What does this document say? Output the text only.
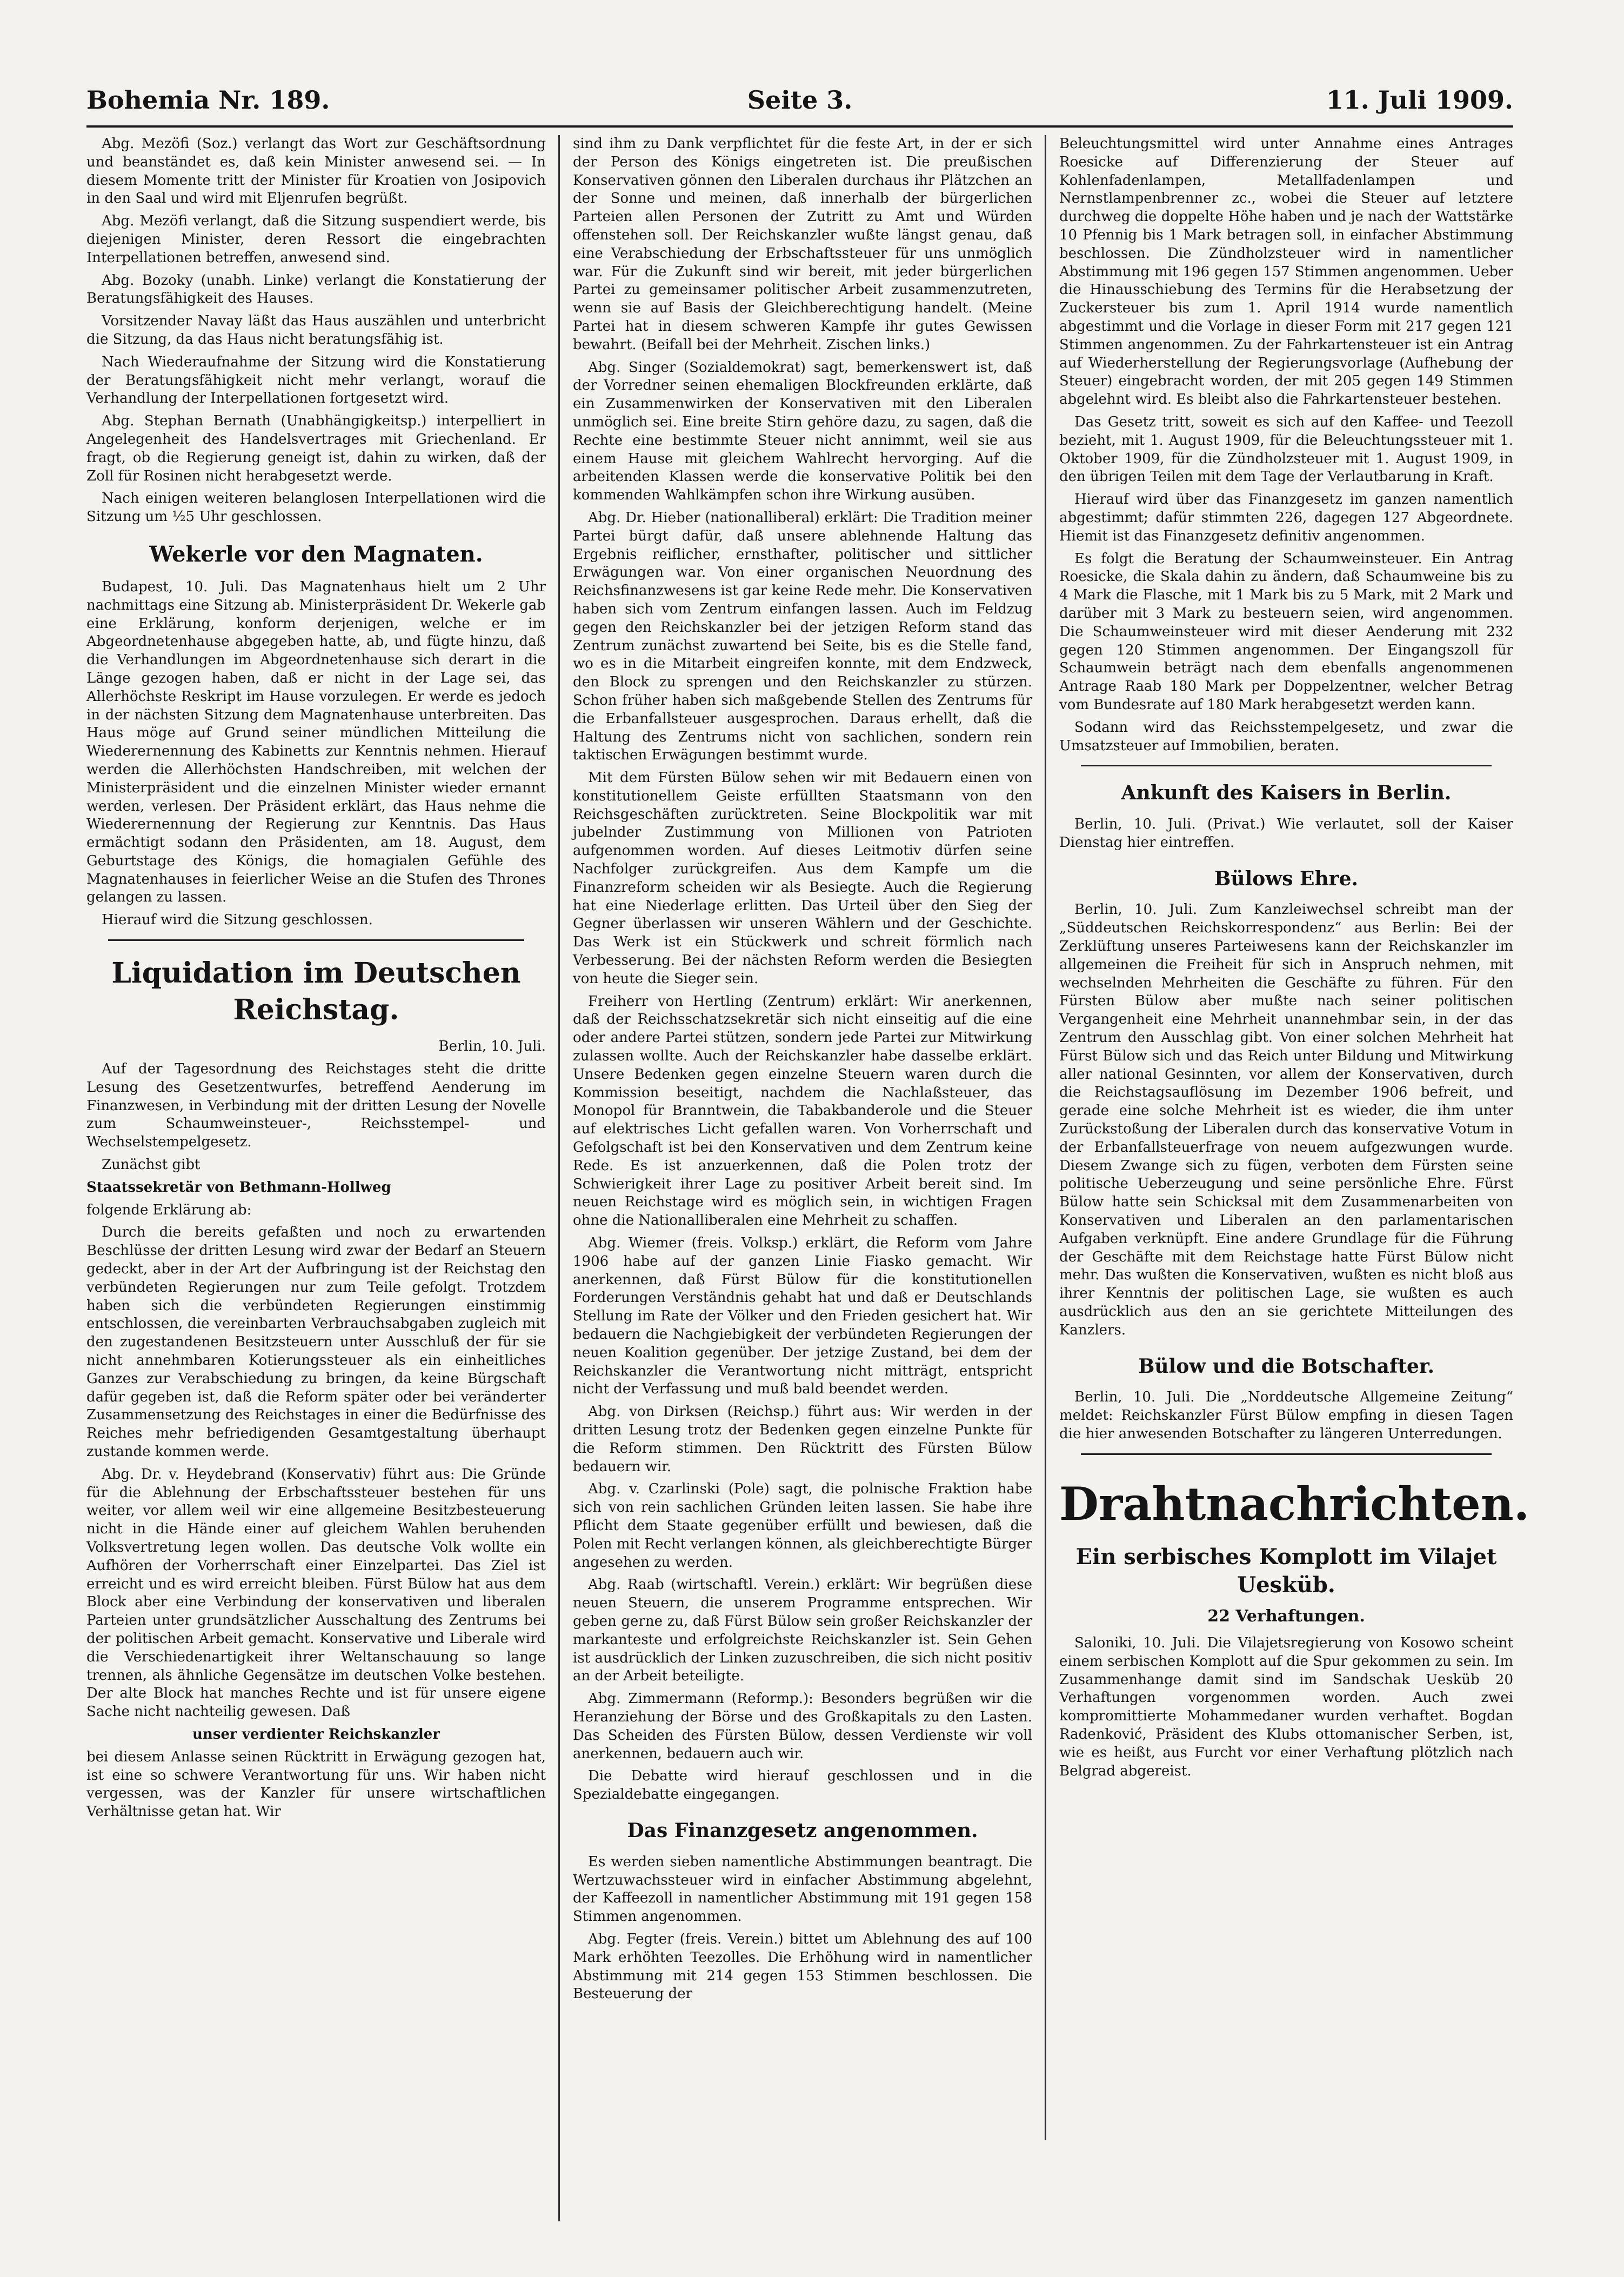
Bohemia Nr. 189.	Seite 3.	11. Juli 1909.

Abg. Mezöfi (Soz.) verlangt das Wort zur Geschäftsordnung und beanständet es, daß kein Minister anwesend sei. — In diesem Momente tritt der Minister für Kroatien von Josipovich in den Saal und wird mit Eljenrufen begrüßt.

Abg. Mezöfi verlangt, daß die Sitzung suspendiert werde, bis diejenigen Minister, deren Ressort die eingebrachten Interpellationen betreffen, anwesend sind.

Abg. Bozoky (unabh. Linke) verlangt die Konstatierung der Beratungsfähigkeit des Hauses.

Vorsitzender Navay läßt das Haus auszählen und unterbricht die Sitzung, da das Haus nicht beratungsfähig ist.

Nach Wiederaufnahme der Sitzung wird die Konstatierung der Beratungsfähigkeit nicht mehr verlangt, worauf die Verhandlung der Interpellationen fortgesetzt wird.

Abg. Stephan Bernath (Unabhängigkeitsp.) interpelliert in Angelegenheit des Handelsvertrages mit Griechenland. Er fragt, ob die Regierung geneigt ist, dahin zu wirken, daß der Zoll für Rosinen nicht herabgesetzt werde.

Nach einigen weiteren belanglosen Interpellationen wird die Sitzung um ½5 Uhr geschlossen.

Wekerle vor den Magnaten.

Budapest, 10. Juli. Das Magnatenhaus hielt um 2 Uhr nachmittags eine Sitzung ab. Ministerpräsident Dr. Wekerle gab eine Erklärung, konform derjenigen, welche er im Abgeordnetenhause abgegeben hatte, ab, und fügte hinzu, daß die Verhandlungen im Abgeordnetenhause sich derart in die Länge gezogen haben, daß er nicht in der Lage sei, das Allerhöchste Reskript im Hause vorzulegen. Er werde es jedoch in der nächsten Sitzung dem Magnatenhause unterbreiten. Das Haus möge auf Grund seiner mündlichen Mitteilung die Wiederernennung des Kabinetts zur Kenntnis nehmen. Hierauf werden die Allerhöchsten Handschreiben, mit welchen der Ministerpräsident und die einzelnen Minister wieder ernannt werden, verlesen. Der Präsident erklärt, das Haus nehme die Wiederernennung der Regierung zur Kenntnis. Das Haus ermächtigt sodann den Präsidenten, am 18. August, dem Geburtstage des Königs, die homagialen Gefühle des Magnatenhauses in feierlicher Weise an die Stufen des Thrones gelangen zu lassen.

Hierauf wird die Sitzung geschlossen.

Liquidation im Deutschen Reichstag.

Berlin, 10. Juli.

Auf der Tagesordnung des Reichstages steht die dritte Lesung des Gesetzentwurfes, betreffend Aenderung im Finanzwesen, in Verbindung mit der dritten Lesung der Novelle zum Schaumweinsteuer-, Reichsstempel- und Wechselstempelgesetz.

Zunächst gibt

Staatssekretär von Bethmann-Hollweg

folgende Erklärung ab:

Durch die bereits gefaßten und noch zu erwartenden Beschlüsse der dritten Lesung wird zwar der Bedarf an Steuern gedeckt, aber in der Art der Aufbringung ist der Reichstag den verbündeten Regierungen nur zum Teile gefolgt. Trotzdem haben sich die verbündeten Regierungen einstimmig entschlossen, die vereinbarten Verbrauchsabgaben zugleich mit den zugestandenen Besitzsteuern unter Ausschluß der für sie nicht annehmbaren Kotierungssteuer als ein einheitliches Ganzes zur Verabschiedung zu bringen, da keine Bürgschaft dafür gegeben ist, daß die Reform später oder bei veränderter Zusammensetzung des Reichstages in einer die Bedürfnisse des Reiches mehr befriedigenden Gesamtgestaltung überhaupt zustande kommen werde.

Abg. Dr. v. Heydebrand (Konservativ) führt aus: Die Gründe für die Ablehnung der Erbschaftssteuer bestehen für uns weiter, vor allem weil wir eine allgemeine Besitzbesteuerung nicht in die Hände einer auf gleichem Wahlen beruhenden Volksvertretung legen wollen. Das deutsche Volk wollte ein Aufhören der Vorherrschaft einer Einzelpartei. Das Ziel ist erreicht und es wird erreicht bleiben. Fürst Bülow hat aus dem Block aber eine Verbindung der konservativen und liberalen Parteien unter grundsätzlicher Ausschaltung des Zentrums bei der politischen Arbeit gemacht. Konservative und Liberale wird die Verschiedenartigkeit ihrer Weltanschauung so lange trennen, als ähnliche Gegensätze im deutschen Volke bestehen. Der alte Block hat manches Rechte und ist für unsere eigene Sache nicht nachteilig gewesen. Daß

unser verdienter Reichskanzler

bei diesem Anlasse seinen Rücktritt in Erwägung gezogen hat, ist eine so schwere Verantwortung für uns. Wir haben nicht vergessen, was der Kanzler für unsere wirtschaftlichen Verhältnisse getan hat. Wir

sind ihm zu Dank verpflichtet für die feste Art, in der er sich der Person des Königs eingetreten ist. Die preußischen Konservativen gönnen den Liberalen durchaus ihr Plätzchen an der Sonne und meinen, daß innerhalb der bürgerlichen Parteien allen Personen der Zutritt zu Amt und Würden offenstehen soll. Der Reichskanzler wußte längst genau, daß eine Verabschiedung der Erbschaftssteuer für uns unmöglich war. Für die Zukunft sind wir bereit, mit jeder bürgerlichen Partei zu gemeinsamer politischer Arbeit zusammenzutreten, wenn sie auf Basis der Gleichberechtigung handelt. (Meine Partei hat in diesem schweren Kampfe ihr gutes Gewissen bewahrt. (Beifall bei der Mehrheit. Zischen links.)

Abg. Singer (Sozialdemokrat) sagt, bemerkenswert ist, daß der Vorredner seinen ehemaligen Blockfreunden erklärte, daß ein Zusammenwirken der Konservativen mit den Liberalen unmöglich sei. Eine breite Stirn gehöre dazu, zu sagen, daß die Rechte eine bestimmte Steuer nicht annimmt, weil sie aus einem Hause mit gleichem Wahlrecht hervorging. Auf die arbeitenden Klassen werde die konservative Politik bei den kommenden Wahlkämpfen schon ihre Wirkung ausüben.

Abg. Dr. Hieber (nationalliberal) erklärt: Die Tradition meiner Partei bürgt dafür, daß unsere ablehnende Haltung das Ergebnis reiflicher, ernsthafter, politischer und sittlicher Erwägungen war. Von einer organischen Neuordnung des Reichsfinanzwesens ist gar keine Rede mehr. Die Konservativen haben sich vom Zentrum einfangen lassen. Auch im Feldzug gegen den Reichskanzler bei der jetzigen Reform stand das Zentrum zunächst zuwartend bei Seite, bis es die Stelle fand, wo es in die Mitarbeit eingreifen konnte, mit dem Endzweck, den Block zu sprengen und den Reichskanzler zu stürzen. Schon früher haben sich maßgebende Stellen des Zentrums für die Erbanfallsteuer ausgesprochen. Daraus erhellt, daß die Haltung des Zentrums nicht von sachlichen, sondern rein taktischen Erwägungen bestimmt wurde.

Mit dem Fürsten Bülow sehen wir mit Bedauern einen von konstitutionellem Geiste erfüllten Staatsmann von den Reichsgeschäften zurücktreten. Seine Blockpolitik war mit jubelnder Zustimmung von Millionen von Patrioten aufgenommen worden. Auf dieses Leitmotiv dürfen seine Nachfolger zurückgreifen. Aus dem Kampfe um die Finanzreform scheiden wir als Besiegte. Auch die Regierung hat eine Niederlage erlitten. Das Urteil über den Sieg der Gegner überlassen wir unseren Wählern und der Geschichte. Das Werk ist ein Stückwerk und schreit förmlich nach Verbesserung. Bei der nächsten Reform werden die Besiegten von heute die Sieger sein.

Freiherr von Hertling (Zentrum) erklärt: Wir anerkennen, daß der Reichsschatzsekretär sich nicht einseitig auf die eine oder andere Partei stützen, sondern jede Partei zur Mitwirkung zulassen wollte. Auch der Reichskanzler habe dasselbe erklärt. Unsere Bedenken gegen einzelne Steuern waren durch die Kommission beseitigt, nachdem die Nachlaßsteuer, das Monopol für Branntwein, die Tabakbanderole und die Steuer auf elektrisches Licht gefallen waren. Von Vorherrschaft und Gefolgschaft ist bei den Konservativen und dem Zentrum keine Rede. Es ist anzuerkennen, daß die Polen trotz der Schwierigkeit ihrer Lage zu positiver Arbeit bereit sind. Im neuen Reichstage wird es möglich sein, in wichtigen Fragen ohne die Nationalliberalen eine Mehrheit zu schaffen.

Abg. Wiemer (freis. Volksp.) erklärt, die Reform vom Jahre 1906 habe auf der ganzen Linie Fiasko gemacht. Wir anerkennen, daß Fürst Bülow für die konstitutionellen Forderungen Verständnis gehabt hat und daß er Deutschlands Stellung im Rate der Völker und den Frieden gesichert hat. Wir bedauern die Nachgiebigkeit der verbündeten Regierungen der neuen Koalition gegenüber. Der jetzige Zustand, bei dem der Reichskanzler die Verantwortung nicht mitträgt, entspricht nicht der Verfassung und muß bald beendet werden.

Abg. von Dirksen (Reichsp.) führt aus: Wir werden in der dritten Lesung trotz der Bedenken gegen einzelne Punkte für die Reform stimmen. Den Rücktritt des Fürsten Bülow bedauern wir.

Abg. v. Czarlinski (Pole) sagt, die polnische Fraktion habe sich von rein sachlichen Gründen leiten lassen. Sie habe ihre Pflicht dem Staate gegenüber erfüllt und bewiesen, daß die Polen mit Recht verlangen können, als gleichberechtigte Bürger angesehen zu werden.

Abg. Raab (wirtschaftl. Verein.) erklärt: Wir begrüßen diese neuen Steuern, die unserem Programme entsprechen. Wir geben gerne zu, daß Fürst Bülow sein großer Reichskanzler der markanteste und erfolgreichste Reichskanzler ist. Sein Gehen ist ausdrücklich der Linken zuzuschreiben, die sich nicht positiv an der Arbeit beteiligte.

Abg. Zimmermann (Reformp.): Besonders begrüßen wir die Heranziehung der Börse und des Großkapitals zu den Lasten. Das Scheiden des Fürsten Bülow, dessen Verdienste wir voll anerkennen, bedauern auch wir.

Die Debatte wird hierauf geschlossen und in die Spezialdebatte eingegangen.

Das Finanzgesetz angenommen.

Es werden sieben namentliche Abstimmungen beantragt. Die Wertzuwachssteuer wird in einfacher Abstimmung abgelehnt, der Kaffeezoll in namentlicher Abstimmung mit 191 gegen 158 Stimmen angenommen.

Abg. Fegter (freis. Verein.) bittet um Ablehnung des auf 100 Mark erhöhten Teezolles. Die Erhöhung wird in namentlicher Abstimmung mit 214 gegen 153 Stimmen beschlossen. Die Besteuerung der

Beleuchtungsmittel wird unter Annahme eines Antrages Roesicke auf Differenzierung der Steuer auf Kohlenfadenlampen, Metallfadenlampen und Nernstlampenbrenner zc., wobei die Steuer auf letztere durchweg die doppelte Höhe haben und je nach der Wattstärke 10 Pfennig bis 1 Mark betragen soll, in einfacher Abstimmung beschlossen. Die Zündholzsteuer wird in namentlicher Abstimmung mit 196 gegen 157 Stimmen angenommen. Ueber die Hinausschiebung des Termins für die Herabsetzung der Zuckersteuer bis zum 1. April 1914 wurde namentlich abgestimmt und die Vorlage in dieser Form mit 217 gegen 121 Stimmen angenommen. Zu der Fahrkartensteuer ist ein Antrag auf Wiederherstellung der Regierungsvorlage (Aufhebung der Steuer) eingebracht worden, der mit 205 gegen 149 Stimmen abgelehnt wird. Es bleibt also die Fahrkartensteuer bestehen.

Das Gesetz tritt, soweit es sich auf den Kaffee- und Teezoll bezieht, mit 1. August 1909, für die Beleuchtungssteuer mit 1. Oktober 1909, für die Zündholzsteuer mit 1. August 1909, in den übrigen Teilen mit dem Tage der Verlautbarung in Kraft.

Hierauf wird über das Finanzgesetz im ganzen namentlich abgestimmt; dafür stimmten 226, dagegen 127 Abgeordnete. Hiemit ist das Finanzgesetz definitiv angenommen.

Es folgt die Beratung der Schaumweinsteuer. Ein Antrag Roesicke, die Skala dahin zu ändern, daß Schaumweine bis zu 4 Mark die Flasche, mit 1 Mark bis zu 5 Mark, mit 2 Mark und darüber mit 3 Mark zu besteuern seien, wird angenommen. Die Schaumweinsteuer wird mit dieser Aenderung mit 232 gegen 120 Stimmen angenommen. Der Eingangszoll für Schaumwein beträgt nach dem ebenfalls angenommenen Antrage Raab 180 Mark per Doppelzentner, welcher Betrag vom Bundesrate auf 180 Mark herabgesetzt werden kann.

Sodann wird das Reichsstempelgesetz, und zwar die Umsatzsteuer auf Immobilien, beraten.

Ankunft des Kaisers in Berlin.

Berlin, 10. Juli. (Privat.) Wie verlautet, soll der Kaiser Dienstag hier eintreffen.

Bülows Ehre.

Berlin, 10. Juli. Zum Kanzleiwechsel schreibt man der „Süddeutschen Reichskorrespondenz“ aus Berlin: Bei der Zerklüftung unseres Parteiwesens kann der Reichskanzler im allgemeinen die Freiheit für sich in Anspruch nehmen, mit wechselnden Mehrheiten die Geschäfte zu führen. Für den Fürsten Bülow aber mußte nach seiner politischen Vergangenheit eine Mehrheit unannehmbar sein, in der das Zentrum den Ausschlag gibt. Von einer solchen Mehrheit hat Fürst Bülow sich und das Reich unter Bildung und Mitwirkung aller national Gesinnten, vor allem der Konservativen, durch die Reichstagsauflösung im Dezember 1906 befreit, und gerade eine solche Mehrheit ist es wieder, die ihm unter Zurückstoßung der Liberalen durch das konservative Votum in der Erbanfallsteuerfrage von neuem aufgezwungen wurde. Diesem Zwange sich zu fügen, verboten dem Fürsten seine politische Ueberzeugung und seine persönliche Ehre. Fürst Bülow hatte sein Schicksal mit dem Zusammenarbeiten von Konservativen und Liberalen an den parlamentarischen Aufgaben verknüpft. Eine andere Grundlage für die Führung der Geschäfte mit dem Reichstage hatte Fürst Bülow nicht mehr. Das wußten die Konservativen, wußten es nicht bloß aus ihrer Kenntnis der politischen Lage, sie wußten es auch ausdrücklich aus den an sie gerichtete Mitteilungen des Kanzlers.

Bülow und die Botschafter.

Berlin, 10. Juli. Die „Norddeutsche Allgemeine Zeitung“ meldet: Reichskanzler Fürst Bülow empfing in diesen Tagen die hier anwesenden Botschafter zu längeren Unterredungen.

Drahtnachrichten.
Ein serbisches Komplott im Vilajet Uesküb.
22 Verhaftungen.

Saloniki, 10. Juli. Die Vilajetsregierung von Kosowo scheint einem serbischen Komplott auf die Spur gekommen zu sein. Im Zusammenhange damit sind im Sandschak Uesküb 20 Verhaftungen vorgenommen worden. Auch zwei kompromittierte Mohammedaner wurden verhaftet. Bogdan Radenković, Präsident des Klubs ottomanischer Serben, ist, wie es heißt, aus Furcht vor einer Verhaftung plötzlich nach Belgrad abgereist.
